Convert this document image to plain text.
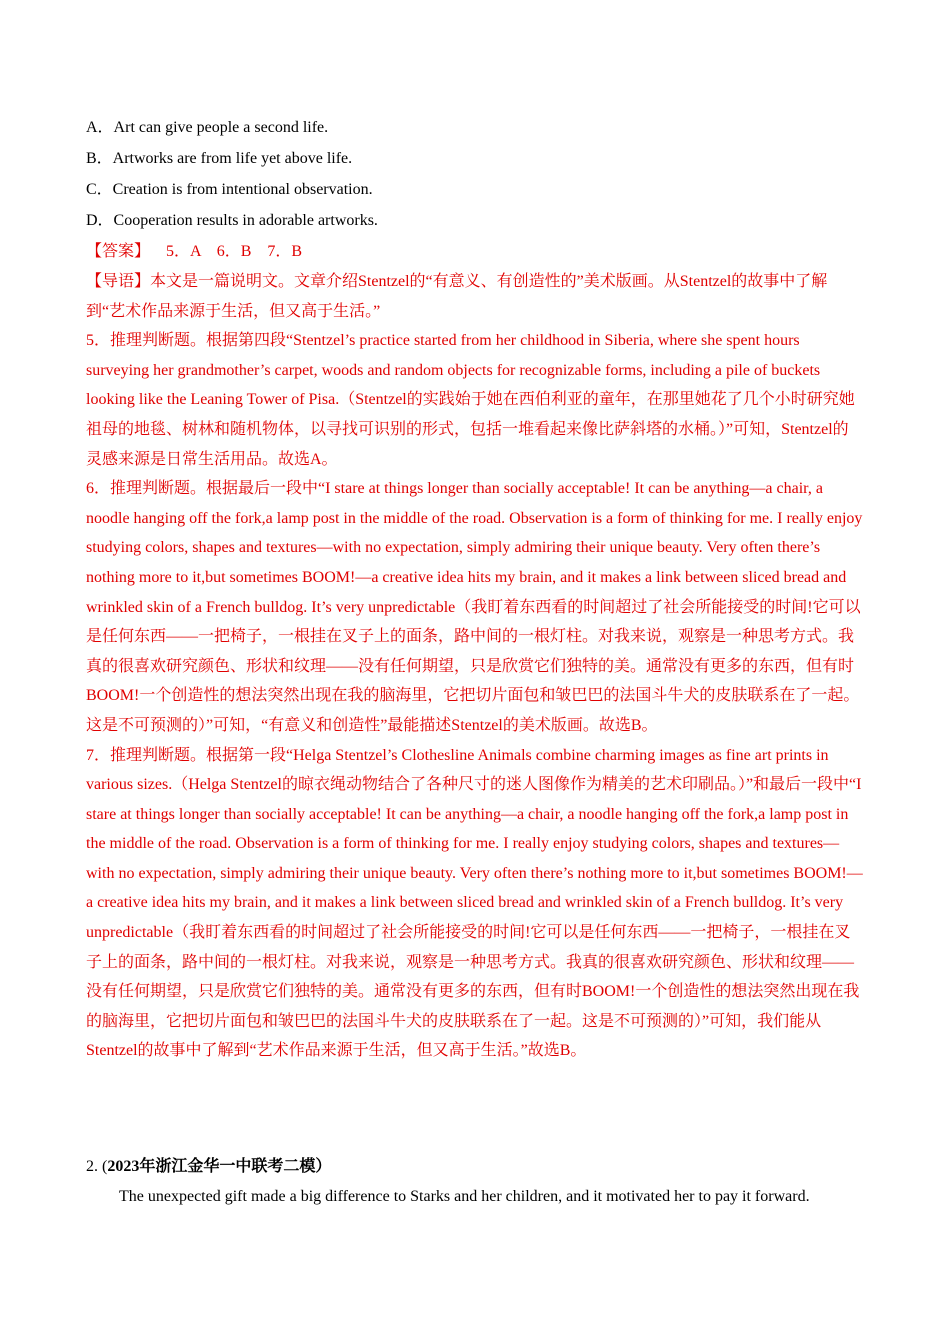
A．Art can give people a second life.
B．Artworks are from life yet above life.
C．Creation is from intentional observation.
D．Cooperation results in adorable artworks.
【答案】 5．A　6．B　7．B

【导语】本文是一篇说明文。文章介绍Stentzel的“有意义、有创造性的”美术版画。从Stentzel的故事中了解到“艺术作品来源于生活，但又高于生活。”

5．推理判断题。根据第四段“Stentzel’s practice started from her childhood in Siberia, where she spent hours surveying her grandmother’s carpet, woods and random objects for recognizable forms, including a pile of buckets looking like the Leaning Tower of Pisa.（Stentzel的实践始于她在西伯利亚的童年，在那里她花了几个小时研究她祖母的地毯、树林和随机物体，以寻找可识别的形式，包括一堆看起来像比萨斜塔的水桶。）”可知，Stentzel的灵感来源是日常生活用品。故选A。

6．推理判断题。根据最后一段中“I stare at things longer than socially acceptable! It can be anything—a chair, a noodle hanging off the fork,a lamp post in the middle of the road. Observation is a form of thinking for me. I really enjoy studying colors, shapes and textures—with no expectation, simply admiring their unique beauty. Very often there’s nothing more to it,but sometimes BOOM!—a creative idea hits my brain, and it makes a link between sliced bread and wrinkled skin of a French bulldog. It’s very unpredictable（我盯着东西看的时间超过了社会所能接受的时间!它可以是任何东西——一把椅子，一根挂在叉子上的面条，路中间的一根灯柱。对我来说，观察是一种思考方式。我真的很喜欢研究颜色、形状和纹理——没有任何期望，只是欣赏它们独特的美。通常没有更多的东西，但有时BOOM!一个创造性的想法突然出现在我的脑海里，它把切片面包和皱巴巴的法国斗牛犬的皮肤联系在了一起。这是不可预测的）”可知，“有意义和创造性”最能描述Stentzel的美术版画。故选B。

7．推理判断题。根据第一段“Helga Stentzel’s Clothesline Animals combine charming images as fine art prints in various sizes.（Helga Stentzel的晾衣绳动物结合了各种尺寸的迷人图像作为精美的艺术印刷品。）”和最后一段中“I stare at things longer than socially acceptable! It can be anything—a chair, a noodle hanging off the fork,a lamp post in the middle of the road. Observation is a form of thinking for me. I really enjoy studying colors, shapes and textures—with no expectation, simply admiring their unique beauty. Very often there’s nothing more to it,but sometimes BOOM!—a creative idea hits my brain, and it makes a link between sliced bread and wrinkled skin of a French bulldog. It’s very unpredictable（我盯着东西看的时间超过了社会所能接受的时间!它可以是任何东西——一把椅子，一根挂在叉子上的面条，路中间的一根灯柱。对我来说，观察是一种思考方式。我真的很喜欢研究颜色、形状和纹理——没有任何期望，只是欣赏它们独特的美。通常没有更多的东西，但有时BOOM!一个创造性的想法突然出现在我的脑海里，它把切片面包和皱巴巴的法国斗牛犬的皮肤联系在了一起。这是不可预测的）”可知，我们能从Stentzel的故事中了解到“艺术作品来源于生活，但又高于生活。”故选B。

2. (2023年浙江金华一中联考二模）
The unexpected gift made a big difference to Starks and her children, and it motivated her to pay it forward.
